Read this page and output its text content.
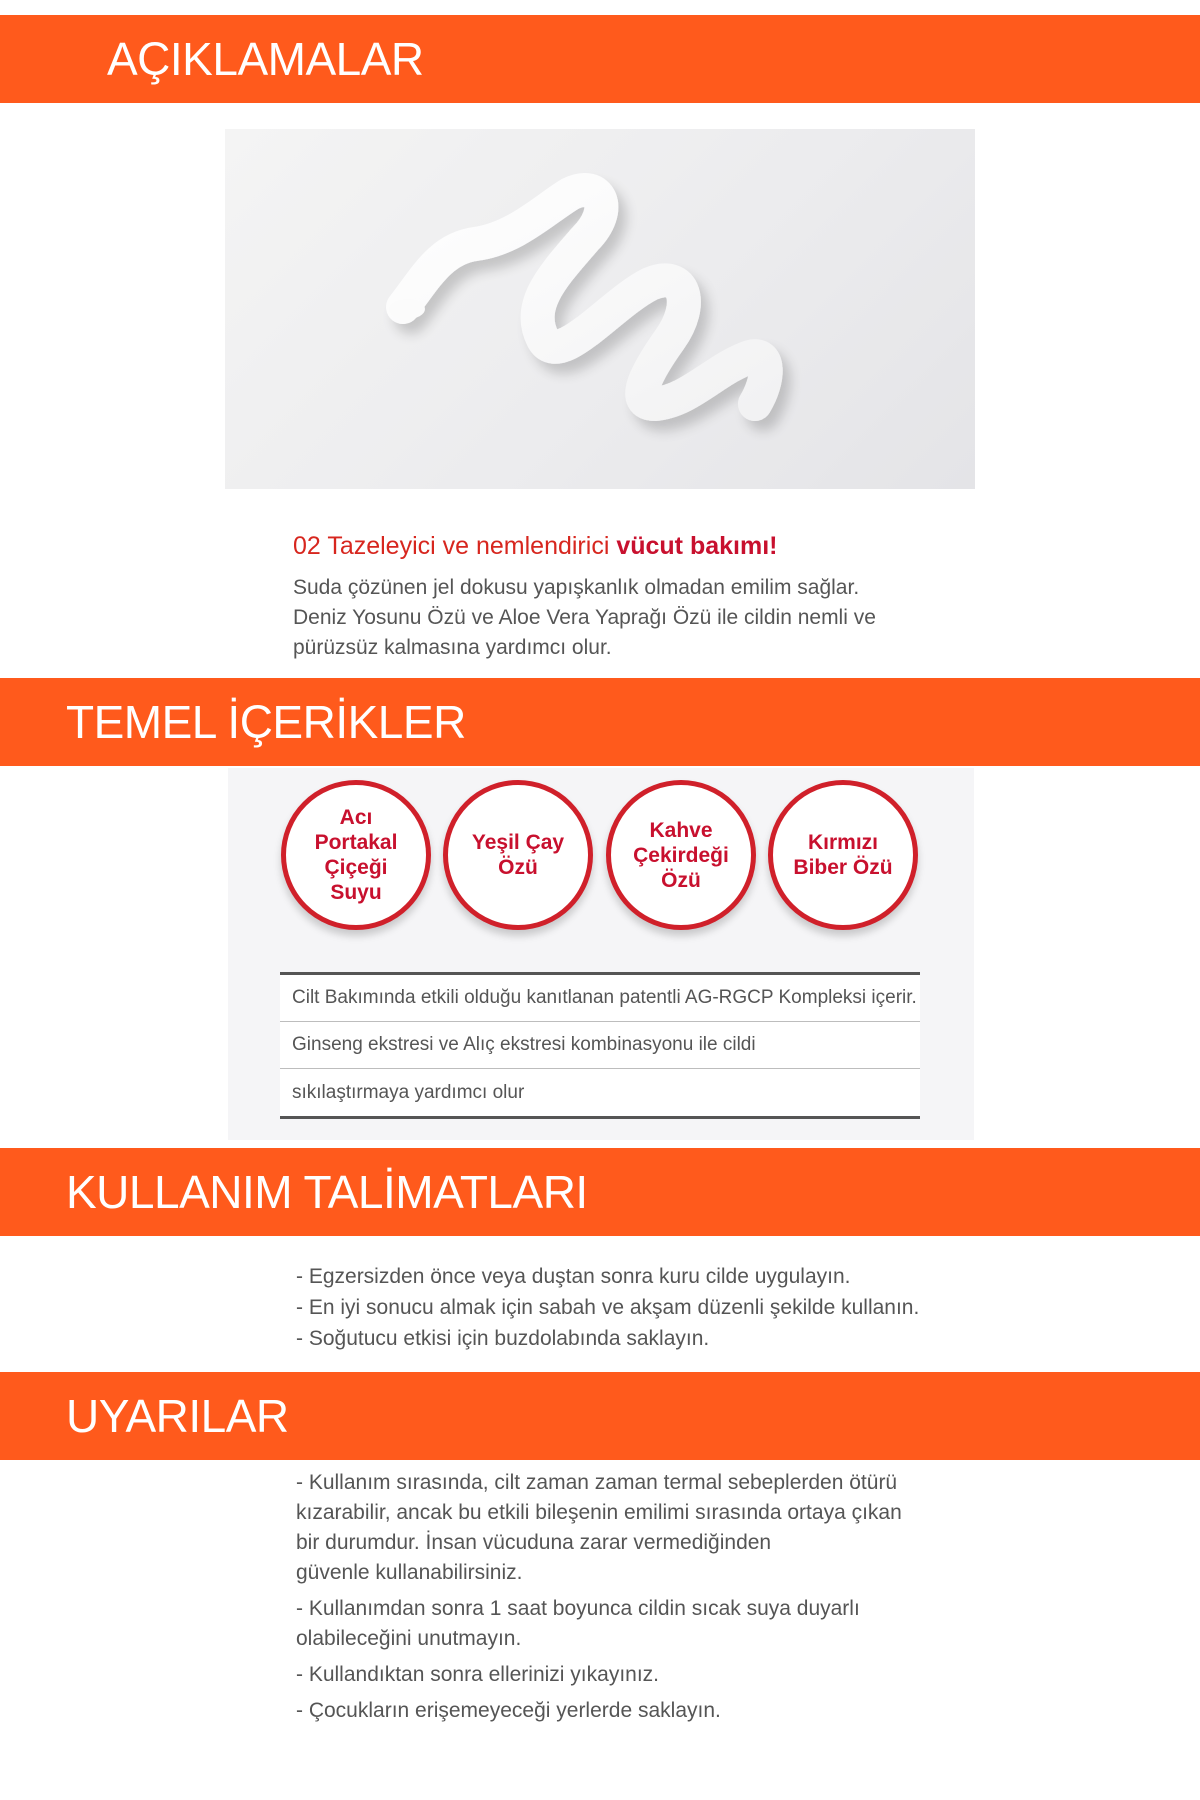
AÇIKLAMALAR

02 Tazeleyici ve nemlendirici vücut bakımı!

Suda çözünen jel dokusu yapışkanlık olmadan emilim sağlar.

Deniz Yosunu Özü ve Aloe Vera Yaprağı Özü ile cildin nemli ve

pürüzsüz kalmasına yardımcı olur.

TEMEL İÇERİKLER
Acı Portakal Çiçeği Suyu
Yeşil Çay Özü
Kahve Çekirdeği Özü
Kırmızı Biber Özü
Cilt Bakımında etkili olduğu kanıtlanan patentli AG-RGCP Kompleksi içerir.
Ginseng ekstresi ve Alıç ekstresi kombinasyonu ile cildi
sıkılaştırmaya yardımcı olur
KULLANIM TALİMATLARI

- Egzersizden önce veya duştan sonra kuru cilde uygulayın.

- En iyi sonucu almak için sabah ve akşam düzenli şekilde kullanın.

- Soğutucu etkisi için buzdolabında saklayın.

UYARILAR

- Kullanım sırasında, cilt zaman zaman termal sebeplerden ötürü
kızarabilir, ancak bu etkili bileşenin emilimi sırasında ortaya çıkan
bir durumdur. İnsan vücuduna zarar vermediğinden
güvenle kullanabilirsiniz.

- Kullanımdan sonra 1 saat boyunca cildin sıcak suya duyarlı
olabileceğini unutmayın.

- Kullandıktan sonra ellerinizi yıkayınız.

- Çocukların erişemeyeceği yerlerde saklayın.
